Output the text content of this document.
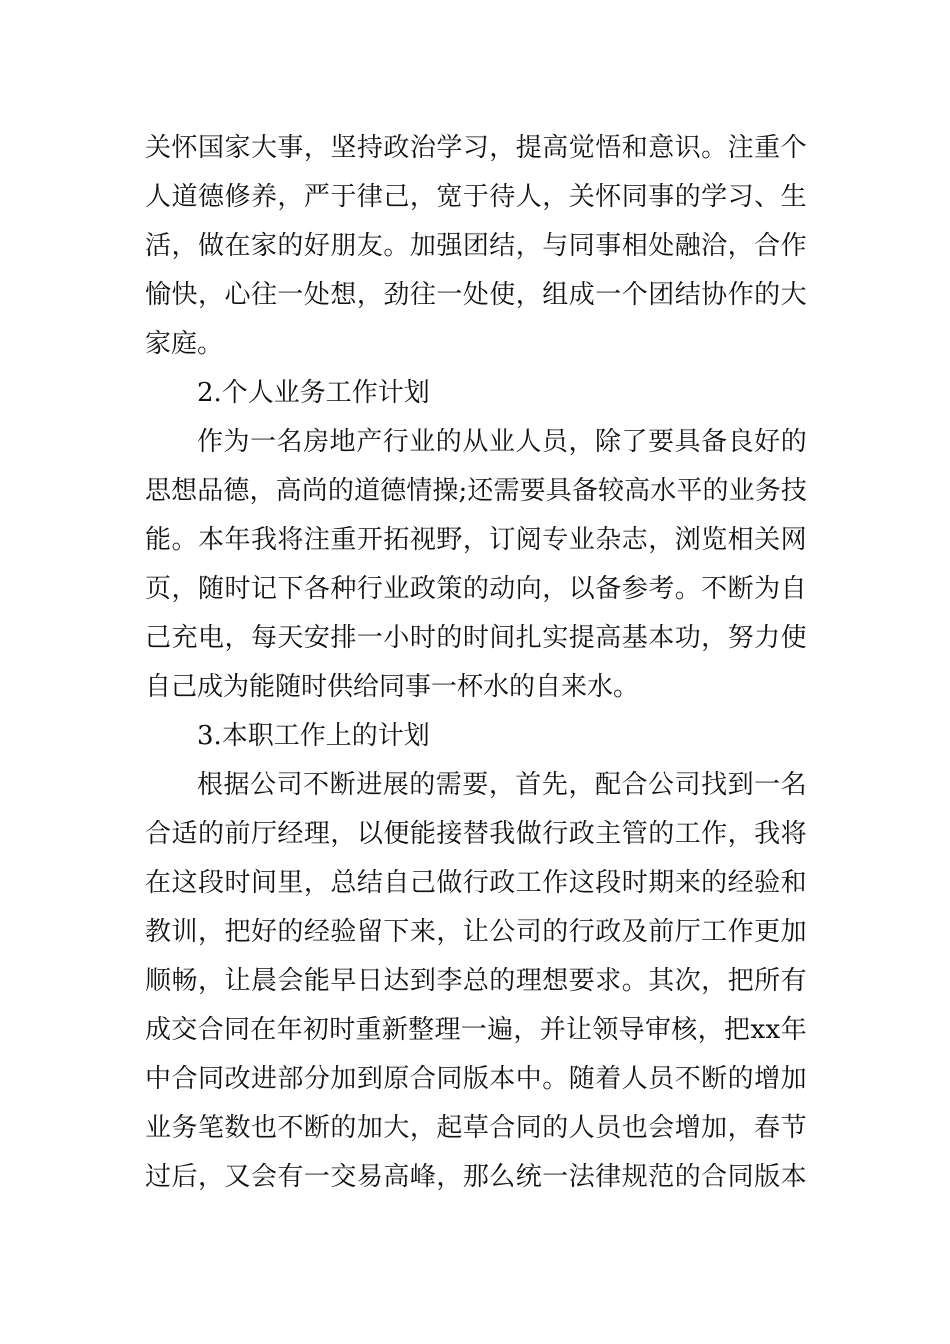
关 怀 国 家 大 事 ， 坚 持 政 治 学 习 ， 提 高 觉 悟 和 意 识 。 注 重 个
人 道 德 修 养 ， 严 于 律 己 ， 宽 于 待 人 ， 关 怀 同 事 的 学 习 、 生
活 ， 做 在 家 的 好 朋 友 。 加 强 团 结 ， 与 同 事 相 处 融 洽 ， 合 作
愉 快 ， 心 往 一 处 想 ， 劲 往 一 处 使 ， 组 成 一 个 团 结 协 作 的 大
家庭。
2.个人业务工作计划
作 为 一 名 房 地 产 行 业 的 从 业 人 员 ， 除 了 要 具 备 良 好 的
思 想 品 德 ， 高 尚 的 道 德 情 操 ; 还 需 要 具 备 较 高 水 平 的 业 务 技
能 。 本 年 我 将 注 重 开 拓 视 野 ， 订 阅 专 业 杂 志 ， 浏 览 相 关 网
页 ， 随 时 记 下 各 种 行 业 政 策 的 动 向 ， 以 备 参 考 。 不 断 为 自
己 充 电 ， 每 天 安 排 一 小 时 的 时 间 扎 实 提 高 基 本 功 ， 努 力 使
自己成为能随时供给同事一杯水的自来水。
3.本职工作上的计划
根 据 公 司 不 断 进 展 的 需 要 ， 首 先 ， 配 合 公 司 找 到 一 名
合 适 的 前 厅 经 理 ， 以 便 能 接 替 我 做 行 政 主 管 的 工 作 ， 我 将
在 这 段 时 间 里 ， 总 结 自 己 做 行 政 工 作 这 段 时 期 来 的 经 验 和
教 训 ， 把 好 的 经 验 留 下 来 ， 让 公 司 的 行 政 及 前 厅 工 作 更 加
顺 畅 ， 让 晨 会 能 早 日 达 到 李 总 的 理 想 要 求 。 其 次 ， 把 所 有
成 交 合 同 在 年 初 时 重 新 整 理 一 遍 ， 并 让 领 导 审 核 ， 把 x x 年
中 合 同 改 进 部 分 加 到 原 合 同 版 本 中 。 随 着 人 员 不 断 的 增 加
业 务 笔 数 也 不 断 的 加 大 ， 起 草 合 同 的 人 员 也 会 增 加 ， 春 节
过 后 ， 又 会 有 一 交 易 高 峰 ， 那 么 统 一 法 律 规 范 的 合 同 版 本
